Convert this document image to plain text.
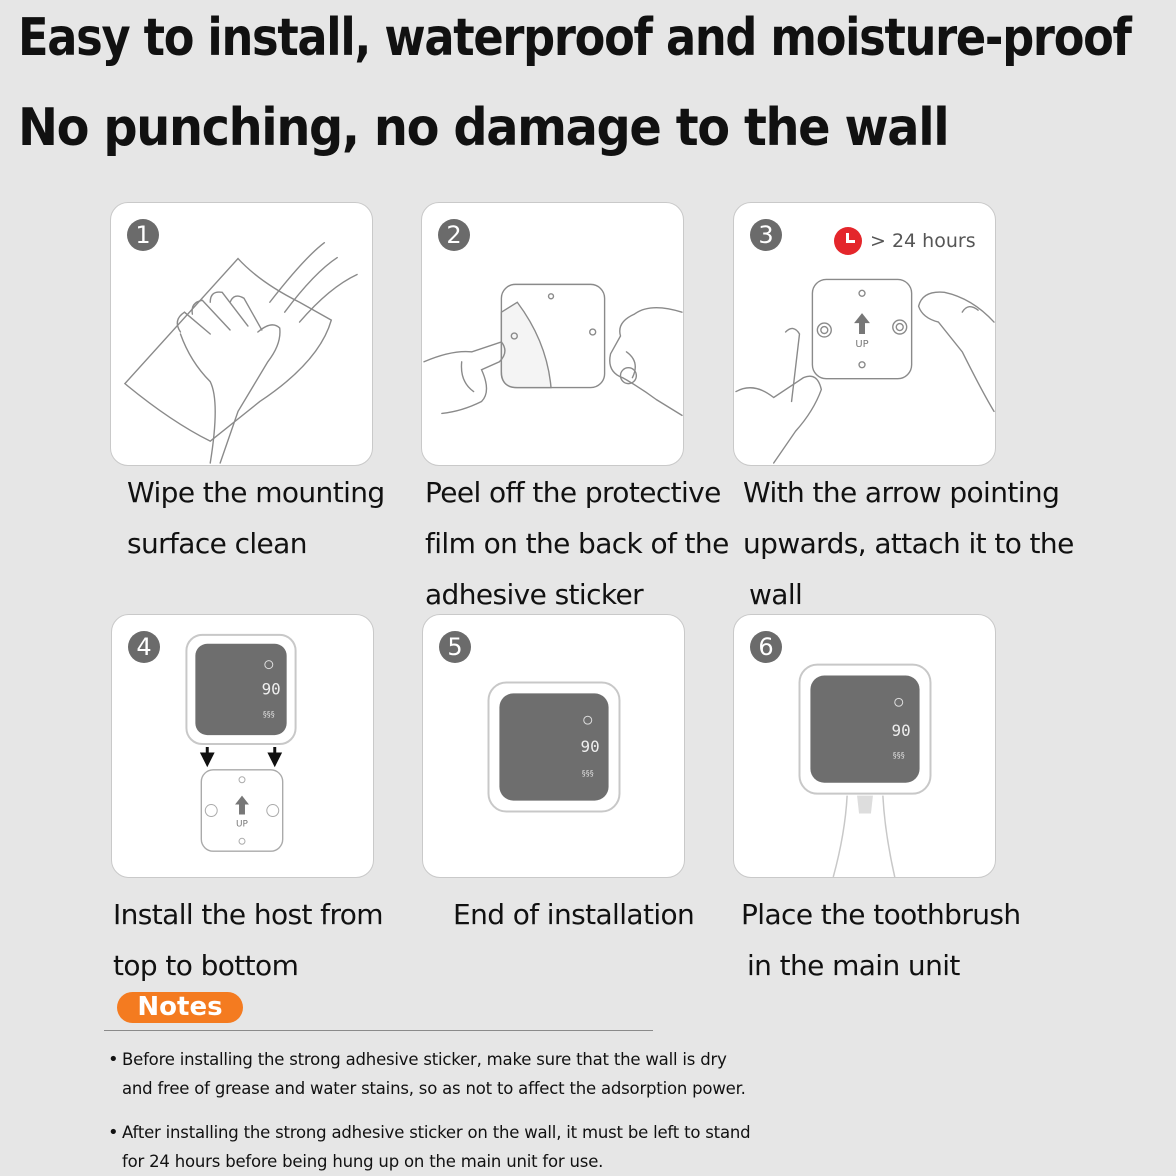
Easy to install, waterproof and moisture-proof
No punching, no damage to the wall
1

Wipe the mounting
surface clean

2

Peel off the protective
film on the back of the
adhesive sticker

UP
3	> 24 hours

With the arrow pointing
upwards, attach it to the
wall

90
§§§
UP
4

Install the host from
top to bottom

90
§§§
5

End of installation

90
§§§
6

Place the toothbrush
in the main unit

Notes

• Before installing the strong adhesive sticker, make sure that the wall is dry
and free of grease and water stains, so as not to affect the adsorption power.

• After installing the strong adhesive sticker on the wall, it must be left to stand
for 24 hours before being hung up on the main unit for use.
